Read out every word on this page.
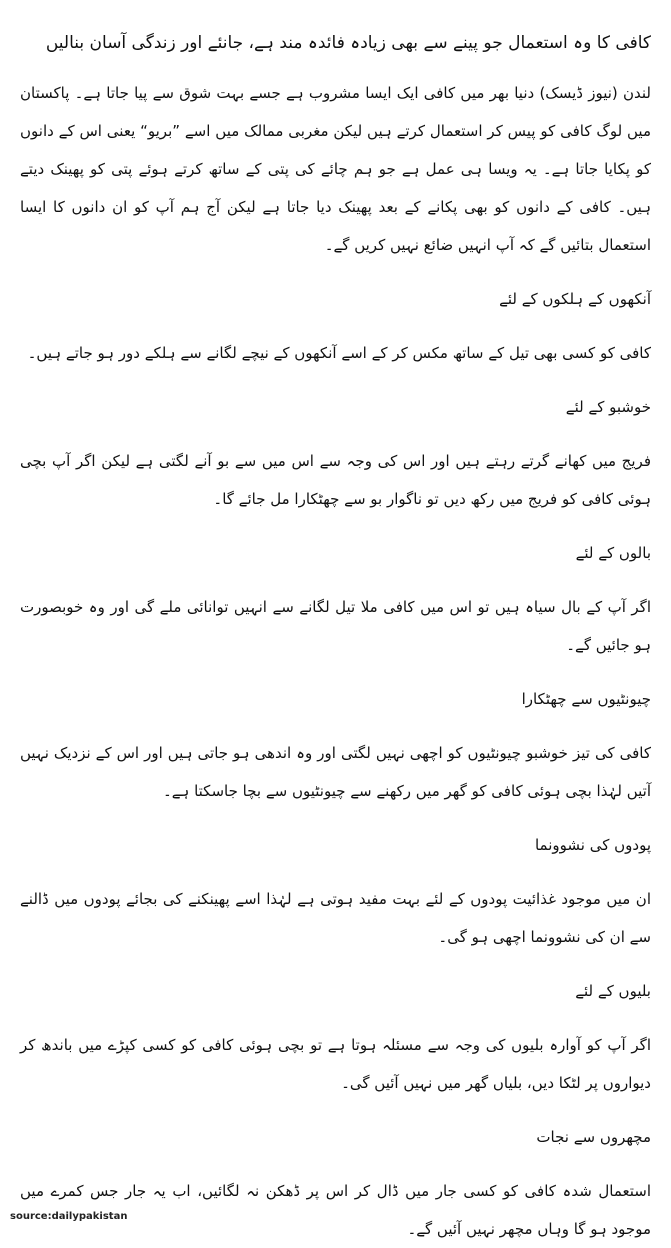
کافی کا وہ استعمال جو پینے سے بھی زیادہ فائدہ مند ہے، جانئے اور زندگی آسان بنالیں

لندن (نیوز ڈیسک) دنیا بھر میں کافی ایک ایسا مشروب ہے جسے بہت شوق سے پیا جاتا ہے۔ پاکستان میں لوگ کافی کو پیس کر استعمال کرتے ہیں لیکن مغربی ممالک میں اسے ”بریو“ یعنی اس کے دانوں کو پکایا جاتا ہے۔ یہ ویسا ہی عمل ہے جو ہم چائے کی پتی کے ساتھ کرتے ہوئے پتی کو پھینک دیتے ہیں۔ کافی کے دانوں کو بھی پکانے کے بعد پھینک دیا جاتا ہے لیکن آج ہم آپ کو ان دانوں کا ایسا استعمال بتائیں گے کہ آپ انہیں ضائع نہیں کریں گے۔

آنکھوں کے ہلکوں کے لئے

کافی کو کسی بھی تیل کے ساتھ مکس کر کے اسے آنکھوں کے نیچے لگانے سے ہلکے دور ہو جاتے ہیں۔

خوشبو کے لئے

فریج میں کھانے گرتے رہتے ہیں اور اس کی وجہ سے اس میں سے بو آنے لگتی ہے لیکن اگر آپ بچی ہوئی کافی کو فریج میں رکھ دیں تو ناگوار بو سے چھٹکارا مل جائے گا۔

بالوں کے لئے

اگر آپ کے بال سیاہ ہیں تو اس میں کافی ملا تیل لگانے سے انہیں توانائی ملے گی اور وہ خوبصورت ہو جائیں گے۔

چیونٹیوں سے چھٹکارا

کافی کی تیز خوشبو چیونٹیوں کو اچھی نہیں لگتی اور وہ اندھی ہو جاتی ہیں اور اس کے نزدیک نہیں آتیں لہٰذا بچی ہوئی کافی کو گھر میں رکھنے سے چیونٹیوں سے بچا جاسکتا ہے۔

پودوں کی نشوونما

ان میں موجود غذائیت پودوں کے لئے بہت مفید ہوتی ہے لہٰذا اسے پھینکنے کی بجائے پودوں میں ڈالنے سے ان کی نشوونما اچھی ہو گی۔

بلیوں کے لئے

اگر آپ کو آوارہ بلیوں کی وجہ سے مسئلہ ہوتا ہے تو بچی ہوئی کافی کو کسی کپڑے میں باندھ کر دیواروں پر لٹکا دیں، بلیاں گھر میں نہیں آئیں گی۔

مچھروں سے نجات

استعمال شدہ کافی کو کسی جار میں ڈال کر اس پر ڈھکن نہ لگائیں، اب یہ جار جس کمرے میں موجود ہو گا وہاں مچھر نہیں آئیں گے۔

source:dailypakistan
